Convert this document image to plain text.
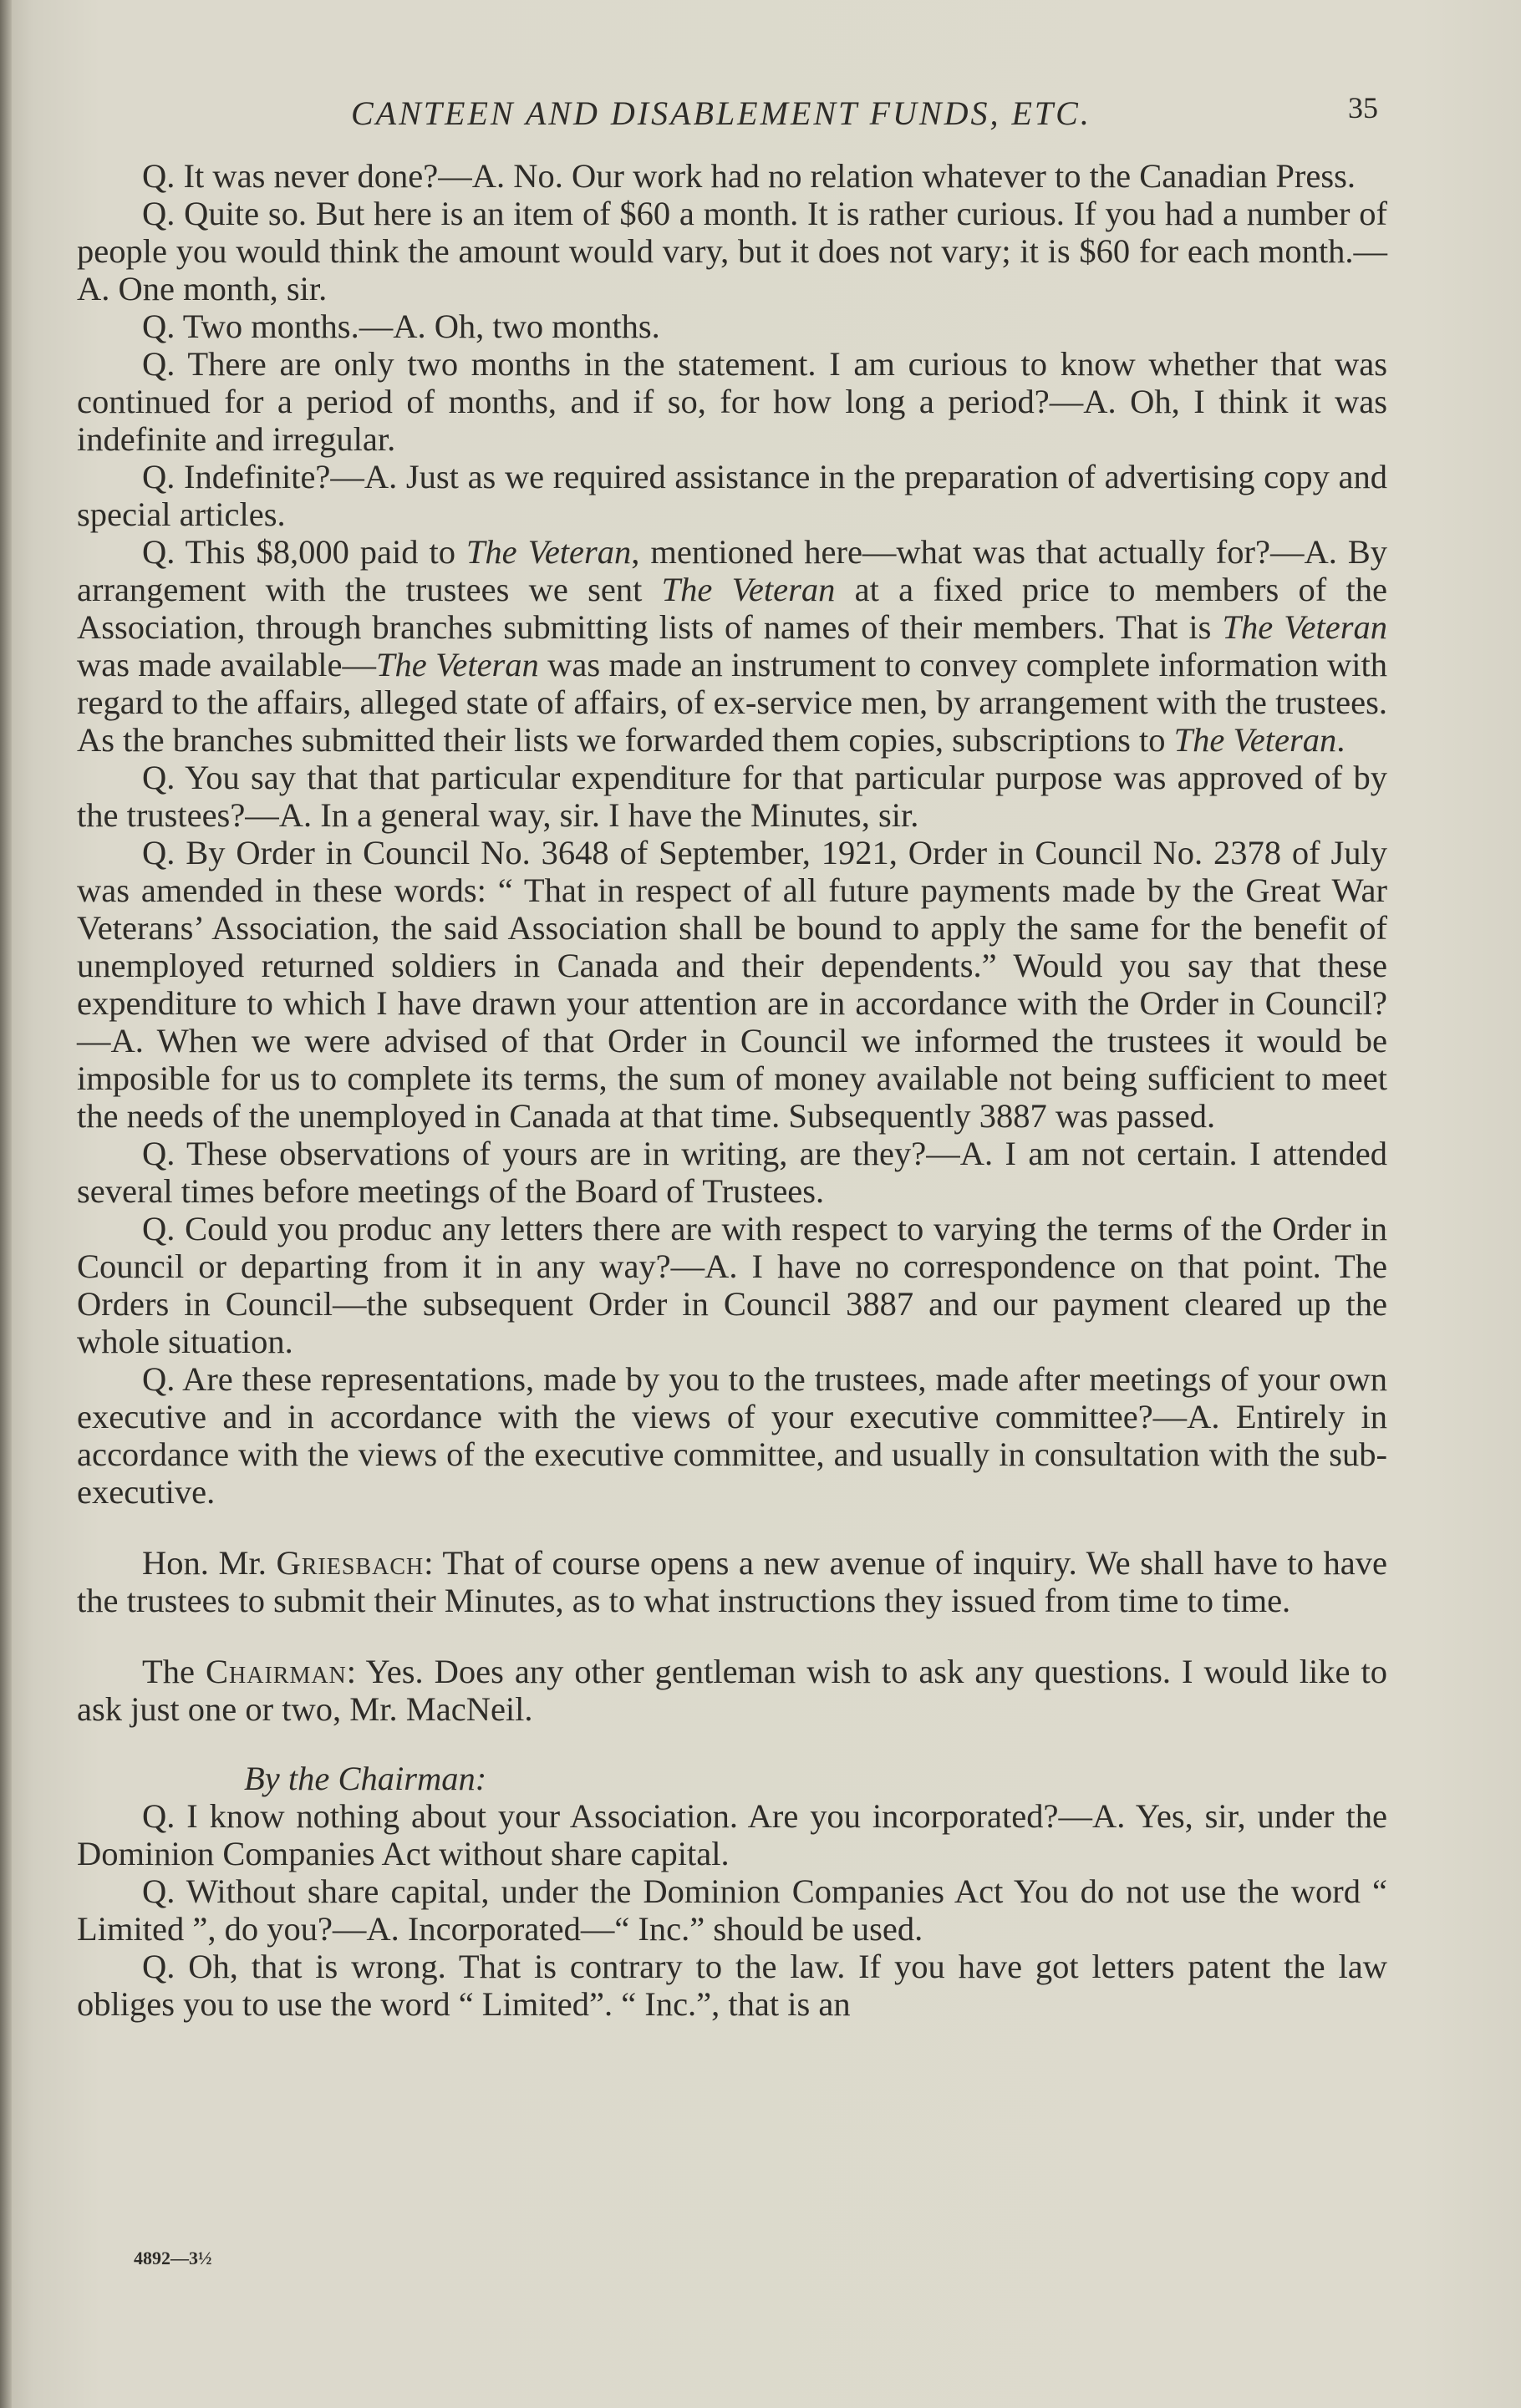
CANTEEN AND DISABLEMENT FUNDS, ETC.	35

Q. It was never done?—A. No. Our work had no relation whatever to the Canadian Press.

Q. Quite so. But here is an item of $60 a month. It is rather curious. If you had a number of people you would think the amount would vary, but it does not vary; it is $60 for each month.—A. One month, sir.

Q. Two months.—A. Oh, two months.

Q. There are only two months in the statement. I am curious to know whether that was continued for a period of months, and if so, for how long a period?—A. Oh, I think it was indefinite and irregular.

Q. Indefinite?—A. Just as we required assistance in the preparation of advertising copy and special articles.

Q. This $8,000 paid to The Veteran, mentioned here—what was that actually for?—A. By arrangement with the trustees we sent The Veteran at a fixed price to members of the Association, through branches submitting lists of names of their members. That is The Veteran was made available—The Veteran was made an instrument to convey complete information with regard to the affairs, alleged state of affairs, of ex-service men, by arrangement with the trustees. As the branches submitted their lists we forwarded them copies, subscriptions to The Veteran.

Q. You say that that particular expenditure for that particular purpose was approved of by the trustees?—A. In a general way, sir. I have the Minutes, sir.

Q. By Order in Council No. 3648 of September, 1921, Order in Council No. 2378 of July was amended in these words: “ That in respect of all future payments made by the Great War Veterans’ Association, the said Association shall be bound to apply the same for the benefit of unemployed returned soldiers in Canada and their dependents.” Would you say that these expenditure to which I have drawn your attention are in accordance with the Order in Council?—A. When we were advised of that Order in Council we informed the trustees it would be imposible for us to complete its terms, the sum of money available not being sufficient to meet the needs of the unemployed in Canada at that time. Subsequently 3887 was passed.

Q. These observations of yours are in writing, are they?—A. I am not certain. I attended several times before meetings of the Board of Trustees.

Q. Could you produc any letters there are with respect to varying the terms of the Order in Council or departing from it in any way?—A. I have no correspondence on that point. The Orders in Council—the subsequent Order in Council 3887 and our payment cleared up the whole situation.

Q. Are these representations, made by you to the trustees, made after meetings of your own executive and in accordance with the views of your executive committee?—A. Entirely in accordance with the views of the executive committee, and usually in consultation with the sub-executive.

Hon. Mr. Griesbach: That of course opens a new avenue of inquiry. We shall have to have the trustees to submit their Minutes, as to what instructions they issued from time to time.

The Chairman: Yes. Does any other gentleman wish to ask any questions. I would like to ask just one or two, Mr. MacNeil.

By the Chairman:

Q. I know nothing about your Association. Are you incorporated?—A. Yes, sir, under the Dominion Companies Act without share capital.

Q. Without share capital, under the Dominion Companies Act You do not use the word “ Limited ”, do you?—A. Incorporated—“ Inc.” should be used.

Q. Oh, that is wrong. That is contrary to the law. If you have got letters patent the law obliges you to use the word “ Limited”. “ Inc.”, that is an

4892—3½
